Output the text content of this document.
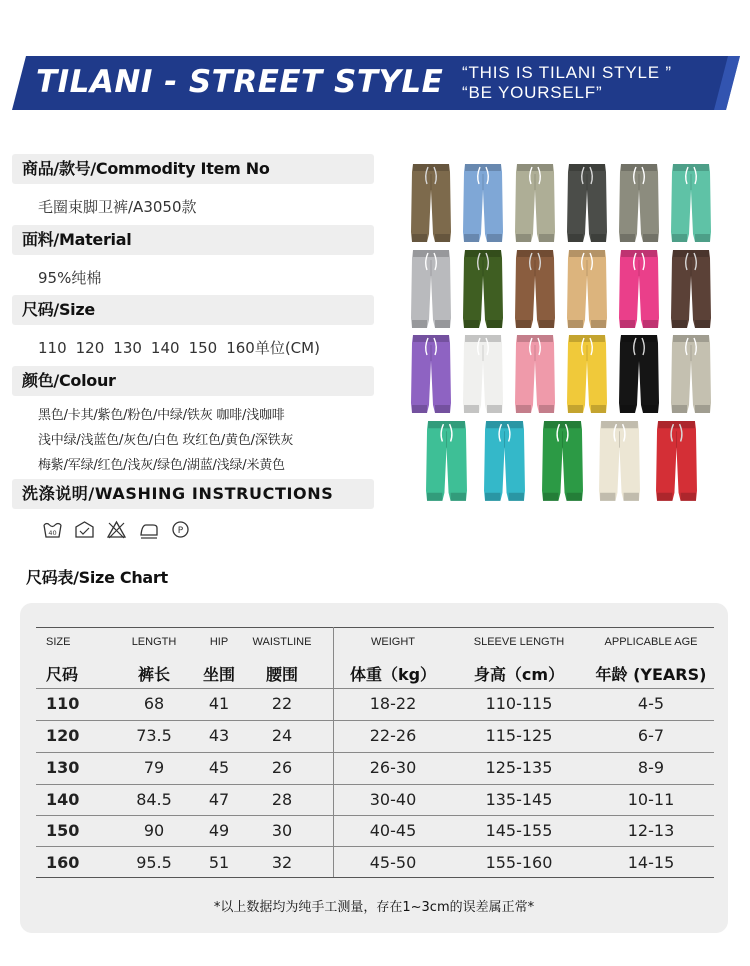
TILANI - STREET STYLE “THIS IS TILANI STYLE ”
“BE YOURSELF”
商品/款号/Commodity Item No
毛圈束脚卫裤/A3050款
面料/Material
95%纯棉
尺码/Size
110 120 130 140 150 160单位(CM)
颜色/Colour
黑色/卡其/紫色/粉色/中绿/铁灰 咖啡/浅咖啡
浅中绿/浅蓝色/灰色/白色 玫红色/黄色/深铁灰
梅紫/军绿/红色/浅灰/绿色/湖蓝/浅绿/米黄色
洗涤说明/WASHING INSTRUCTIONS
40	P
尺码表/Size Chart
SIZE	LENGTH	HIP	WAISTLINE	WEIGHT	SLEEVE LENGTH	APPLICABLE AGE
尺码	裤长	坐围	腰围	体重（kg）	身高（cm）	年龄 (YEARS)
110	68	41	22	18-22	110-115	4-5
120	73.5	43	24	22-26	115-125	6-7
130	79	45	26	26-30	125-135	8-9
140	84.5	47	28	30-40	135-145	10-11
150	90	49	30	40-45	145-155	12-13
160	95.5	51	32	45-50	155-160	14-15
*以上数据均为纯手工测量，存在1~3cm的误差属正常*
